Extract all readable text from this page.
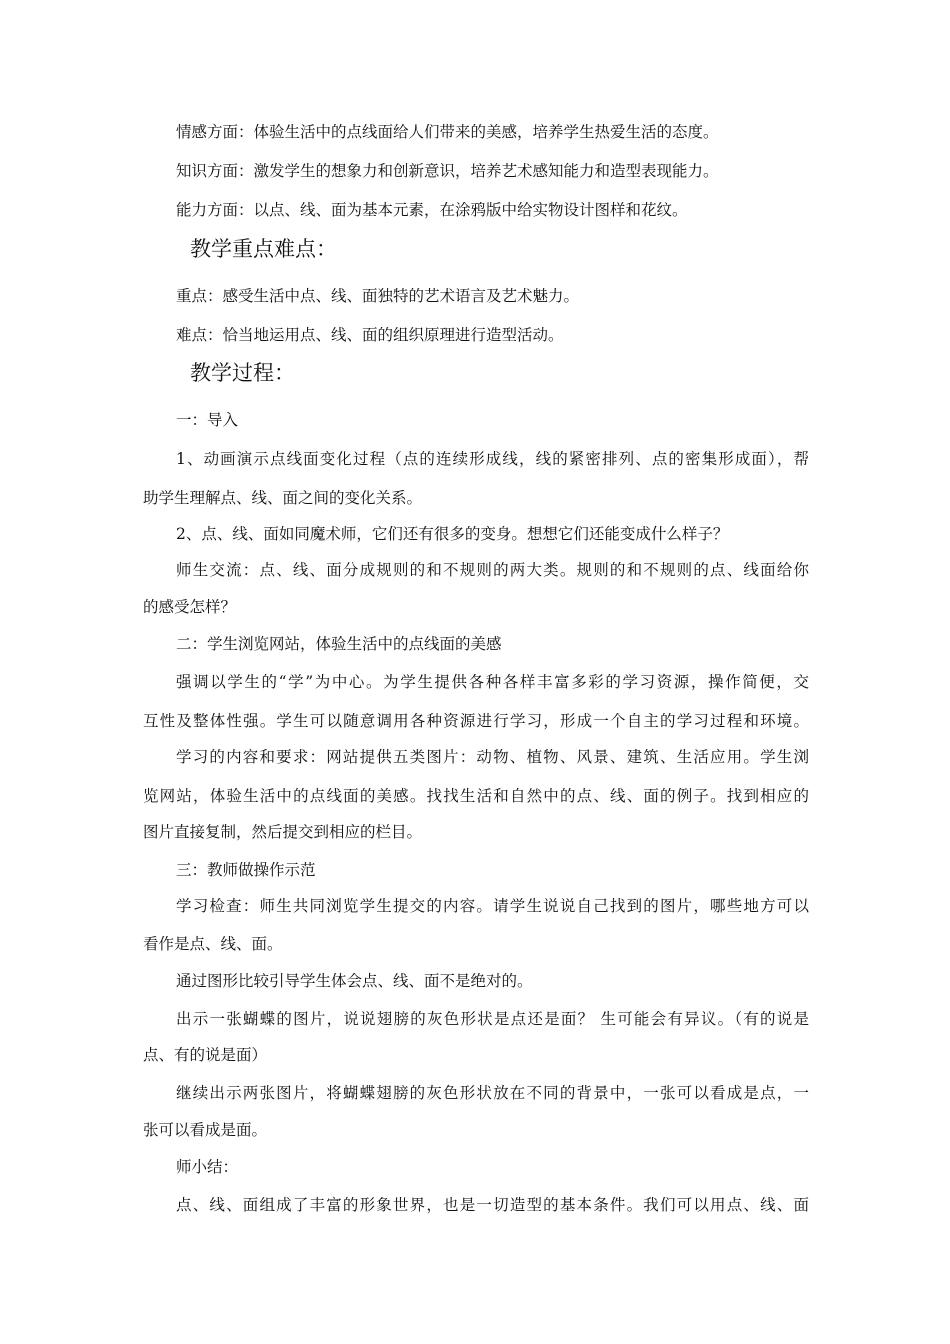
情感方面：体验生活中的点线面给人们带来的美感，培养学生热爱生活的态度。
知识方面：激发学生的想象力和创新意识，培养艺术感知能力和造型表现能力。
能力方面：以点、线、面为基本元素，在涂鸦版中给实物设计图样和花纹。
教学重点难点：
重点：感受生活中点、线、面独特的艺术语言及艺术魅力。
难点：恰当地运用点、线、面的组织原理进行造型活动。
教学过程：
一：导入
1、动画演示点线面变化过程（点的连续形成线，线的紧密排列、点的密集形成面），帮
助学生理解点、线、面之间的变化关系。
2、点、线、面如同魔术师，它们还有很多的变身。想想它们还能变成什么样子？
师生交流：点、线、面分成规则的和不规则的两大类。规则的和不规则的点、线面给你
的感受怎样？
二：学生浏览网站，体验生活中的点线面的美感
强调以学生的“学”为中心。为学生提供各种各样丰富多彩的学习资源，操作简便，交
互性及整体性强。学生可以随意调用各种资源进行学习，形成一个自主的学习过程和环境。
学习的内容和要求：网站提供五类图片：动物、植物、风景、建筑、生活应用。学生浏
览网站，体验生活中的点线面的美感。找找生活和自然中的点、线、面的例子。找到相应的
图片直接复制，然后提交到相应的栏目。
三：教师做操作示范
学习检查：师生共同浏览学生提交的内容。请学生说说自己找到的图片，哪些地方可以
看作是点、线、面。
通过图形比较引导学生体会点、线、面不是绝对的。
出示一张蝴蝶的图片，说说翅膀的灰色形状是点还是面？ 生可能会有异议。（有的说是
点、有的说是面）
继续出示两张图片，将蝴蝶翅膀的灰色形状放在不同的背景中，一张可以看成是点，一
张可以看成是面。
师小结：
点、线、面组成了丰富的形象世界，也是一切造型的基本条件。我们可以用点、线、面
